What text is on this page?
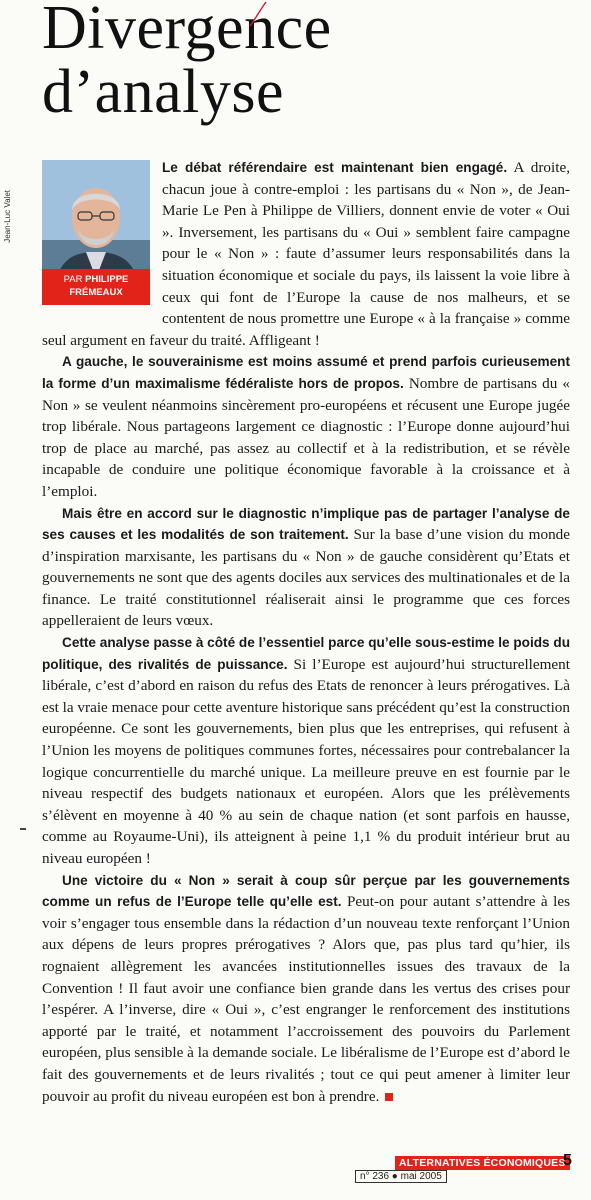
Divergence
d’analyse
Jean-Luc Valet
PAR PHILIPPE
FRÉMEAUX

Le débat référendaire est maintenant bien engagé. A droite, chacun joue à contre-emploi : les partisans du « Non », de Jean-Marie Le Pen à Philippe de Villiers, donnent envie de voter « Oui ». Inversement, les partisans du « Oui » semblent faire campagne pour le « Non » : faute d’assumer leurs responsabilités dans la situation économique et sociale du pays, ils laissent la voie libre à ceux qui font de l’Europe la cause de nos malheurs, et se contentent de nous promettre une Europe « à la française » comme seul argument en faveur du traité. Affligeant !

A gauche, le souverainisme est moins assumé et prend parfois curieusement la forme d’un maximalisme fédéraliste hors de propos. Nombre de partisans du « Non » se veulent néanmoins sincèrement pro-européens et récusent une Europe jugée trop libérale. Nous partageons largement ce diagnostic : l’Europe donne aujourd’hui trop de place au marché, pas assez au collectif et à la redistribution, et se révèle incapable de conduire une politique économique favorable à la croissance et à l’emploi.

Mais être en accord sur le diagnostic n’implique pas de partager l’analyse de ses causes et les modalités de son traitement. Sur la base d’une vision du monde d’inspiration marxisante, les partisans du « Non » de gauche considèrent qu’Etats et gouvernements ne sont que des agents dociles aux services des multinationales et de la finance. Le traité constitutionnel réaliserait ainsi le programme que ces forces appelleraient de leurs vœux.

Cette analyse passe à côté de l’essentiel parce qu’elle sous-estime le poids du politique, des rivalités de puissance. Si l’Europe est aujourd’hui structurellement libérale, c’est d’abord en raison du refus des Etats de renoncer à leurs prérogatives. Là est la vraie menace pour cette aventure historique sans précédent qu’est la construction européenne. Ce sont les gouvernements, bien plus que les entreprises, qui refusent à l’Union les moyens de politiques communes fortes, nécessaires pour contrebalancer la logique concurrentielle du marché unique. La meilleure preuve en est fournie par le niveau respectif des budgets nationaux et européen. Alors que les prélèvements s’élèvent en moyenne à 40 % au sein de chaque nation (et sont parfois en hausse, comme au Royaume-Uni), ils atteignent à peine 1,1 % du produit intérieur brut au niveau européen !

Une victoire du « Non » serait à coup sûr perçue par les gouvernements comme un refus de l’Europe telle qu’elle est. Peut-on pour autant s’attendre à les voir s’engager tous ensemble dans la rédaction d’un nouveau texte renforçant l’Union aux dépens de leurs propres prérogatives ? Alors que, pas plus tard qu’hier, ils rognaient allègrement les avancées institutionnelles issues des travaux de la Convention ! Il faut avoir une confiance bien grande dans les vertus des crises pour l’espérer. A l’inverse, dire « Oui », c’est engranger le renforcement des institutions apporté par le traité, et notamment l’accroissement des pouvoirs du Parlement européen, plus sensible à la demande sociale. Le libéralisme de l’Europe est d’abord le fait des gouvernements et de leurs rivalités ; tout ce qui peut amener à limiter leur pouvoir au profit du niveau européen est bon à prendre.

ALTERNATIVES ÉCONOMIQUES
5
n° 236 ● mai 2005
